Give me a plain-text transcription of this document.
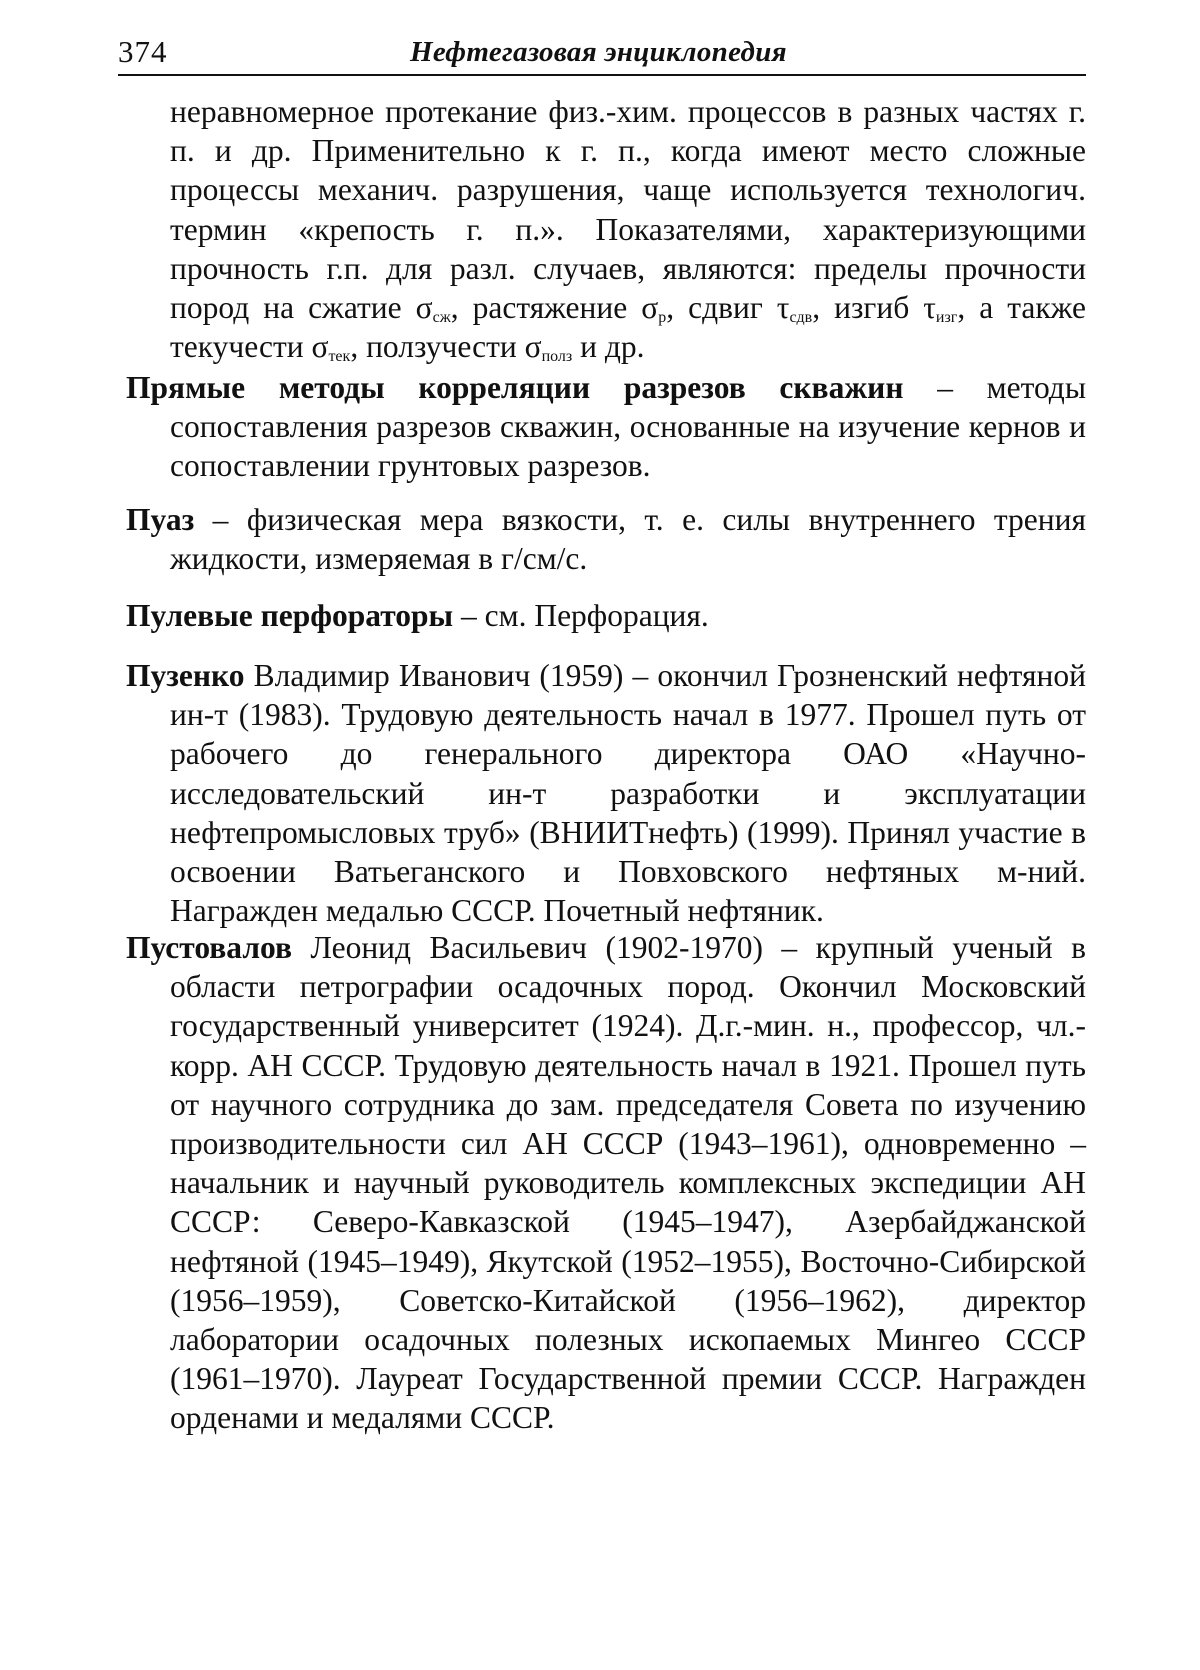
374	Нефтегазовая энциклопедия

неравномерное протекание физ.-хим. процессов в разных частях г. п. и др. Применительно к г. п., когда имеют место сложные процессы механич. разрушения, чаще используется технологич. термин «крепость г. п.». Показателями, характеризующими прочность г.п. для разл. случаев, являются: пределы прочности пород на сжатие $\sigma_{сж}$, растяжение $\sigma_р$, сдвиг $\tau_{сдв}$, изгиб $\tau_{изг}$, а также текучести $\sigma_{тек}$, ползучести $\sigma_{полз}$ и др.

Прямые методы корреляции разрезов скважин – методы сопоставления разрезов скважин, основанные на изучение кернов и сопоставлении грунтовых разрезов.

Пуаз – физическая мера вязкости, т. е. силы внутреннего трения жидкости, измеряемая в г/см/с.

Пулевые перфораторы – см. Перфорация.

Пузенко Владимир Иванович (1959) – окончил Грозненский нефтяной ин-т (1983). Трудовую деятельность начал в 1977. Прошел путь от рабочего до генерального директора ОАО «Научно-исследовательский ин-т разработки и эксплуатации нефтепромысловых труб» (ВНИИТнефть) (1999). Принял участие в освоении Ватьеганского и Повховского нефтяных м-ний. Награжден медалью СССР. Почетный нефтяник.

Пустовалов Леонид Васильевич (1902-1970) – крупный ученый в области петрографии осадочных пород. Окончил Московский государственный университет (1924). Д.г.-мин. н., профессор, чл.-корр. АН СССР. Трудовую деятельность начал в 1921. Прошел путь от научного сотрудника до зам. председателя Совета по изучению производительности сил АН СССР (1943–1961), одновременно – начальник и научный руководитель комплексных экспедиции АН СССР: Северо-Кавказской (1945–1947), Азербайджанской нефтяной (1945–1949), Якутской (1952–1955), Восточно-Сибирской (1956–1959), Советско-Китайской (1956–1962), директор лаборатории осадочных полезных ископаемых Мингео СССР (1961–1970). Лауреат Государственной премии СССР. Награжден орденами и медалями СССР.
